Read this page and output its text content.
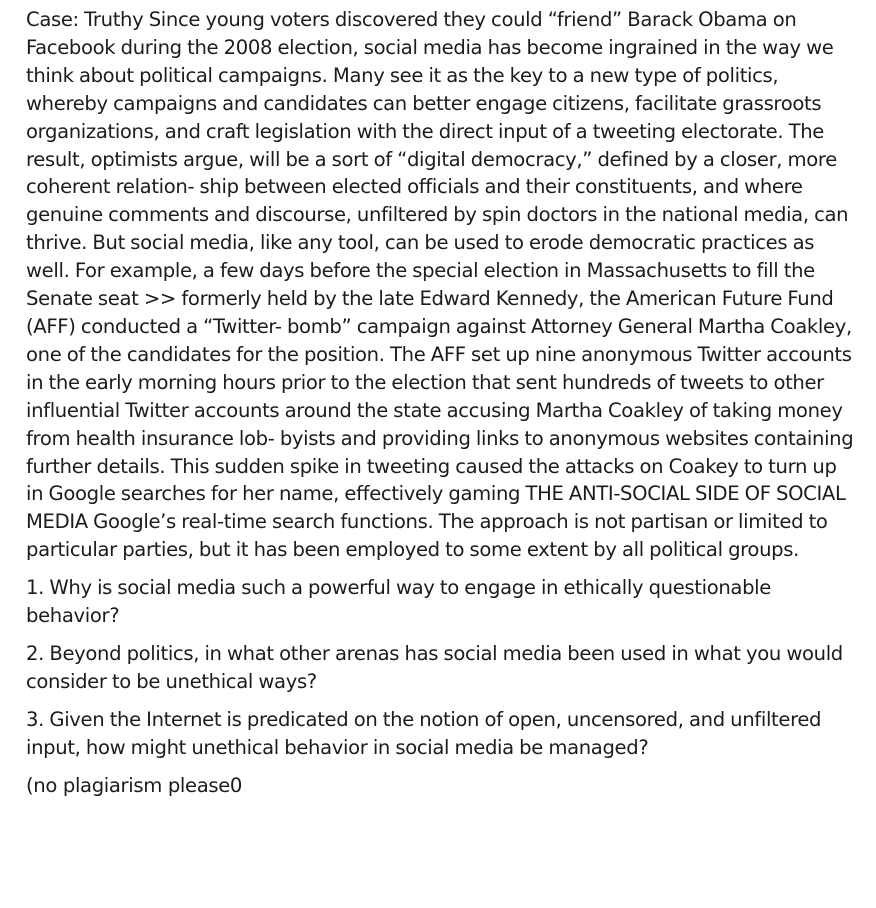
Case: Truthy Since young voters discovered they could “friend” Barack Obama on Facebook during the 2008 election, social media has become ingrained in the way we think about political campaigns. Many see it as the key to a new type of politics, whereby campaigns and candidates can better engage citizens, facilitate grassroots organizations, and craft legislation with the direct input of a tweeting electorate. The result, optimists argue, will be a sort of “digital democracy,” defined by a closer, more coherent relation- ship between elected officials and their constituents, and where genuine comments and discourse, unfiltered by spin doctors in the national media, can thrive. But social media, like any tool, can be used to erode democratic practices as well. For example, a few days before the special election in Massachusetts to fill the Senate seat >> formerly held by the late Edward Kennedy, the American Future Fund (AFF) conducted a “Twitter- bomb” campaign against Attorney General Martha Coakley, one of the candidates for the position. The AFF set up nine anonymous Twitter accounts in the early morning hours prior to the election that sent hundreds of tweets to other influential Twitter accounts around the state accusing Martha Coakley of taking money from health insurance lob- byists and providing links to anonymous websites containing further details. This sudden spike in tweeting caused the attacks on Coakey to turn up in Google searches for her name, effectively gaming THE ANTI-SOCIAL SIDE OF SOCIAL MEDIA Google’s real-time search functions. The approach is not partisan or limited to particular parties, but it has been employed to some extent by all political groups.

1. Why is social media such a powerful way to engage in ethically questionable behavior?

2. Beyond politics, in what other arenas has social media been used in what you would consider to be unethical ways?

3. Given the Internet is predicated on the notion of open, uncensored, and unfiltered input, how might unethical behavior in social media be managed?

(no plagiarism please0
